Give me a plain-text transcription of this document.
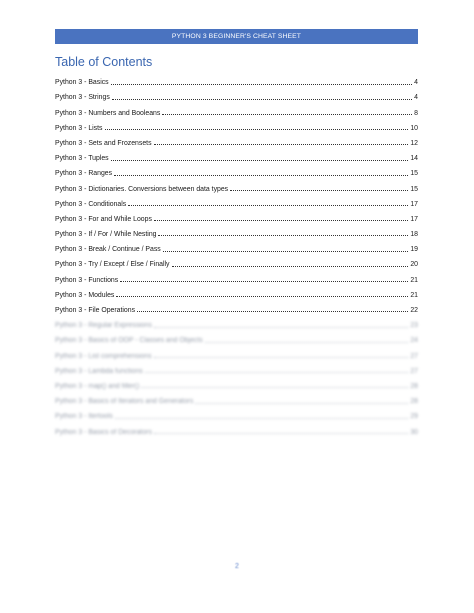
PYTHON 3 BEGINNER'S CHEAT SHEET
Table of Contents
Python 3 - Basics	4
Python 3 - Strings	4
Python 3 - Numbers and Booleans	8
Python 3 - Lists	10
Python 3 - Sets and Frozensets	12
Python 3 - Tuples	14
Python 3 - Ranges	15
Python 3 - Dictionaries. Conversions between data types	15
Python 3 - Conditionals	17
Python 3 - For and While Loops	17
Python 3 - If / For / While Nesting	18
Python 3 - Break / Continue / Pass	19
Python 3 - Try / Except / Else / Finally	20
Python 3 - Functions	21
Python 3 - Modules	21
Python 3 - File Operations	22
Python 3 - Regular Expressions	23
Python 3 - Basics of OOP - Classes and Objects	24
Python 3 - List comprehensions	27
Python 3 - Lambda functions	27
Python 3 - map() and filter()	28
Python 3 - Basics of Iterators and Generators	28
Python 3 - Itertools	29
Python 3 - Basics of Decorators	30
2
